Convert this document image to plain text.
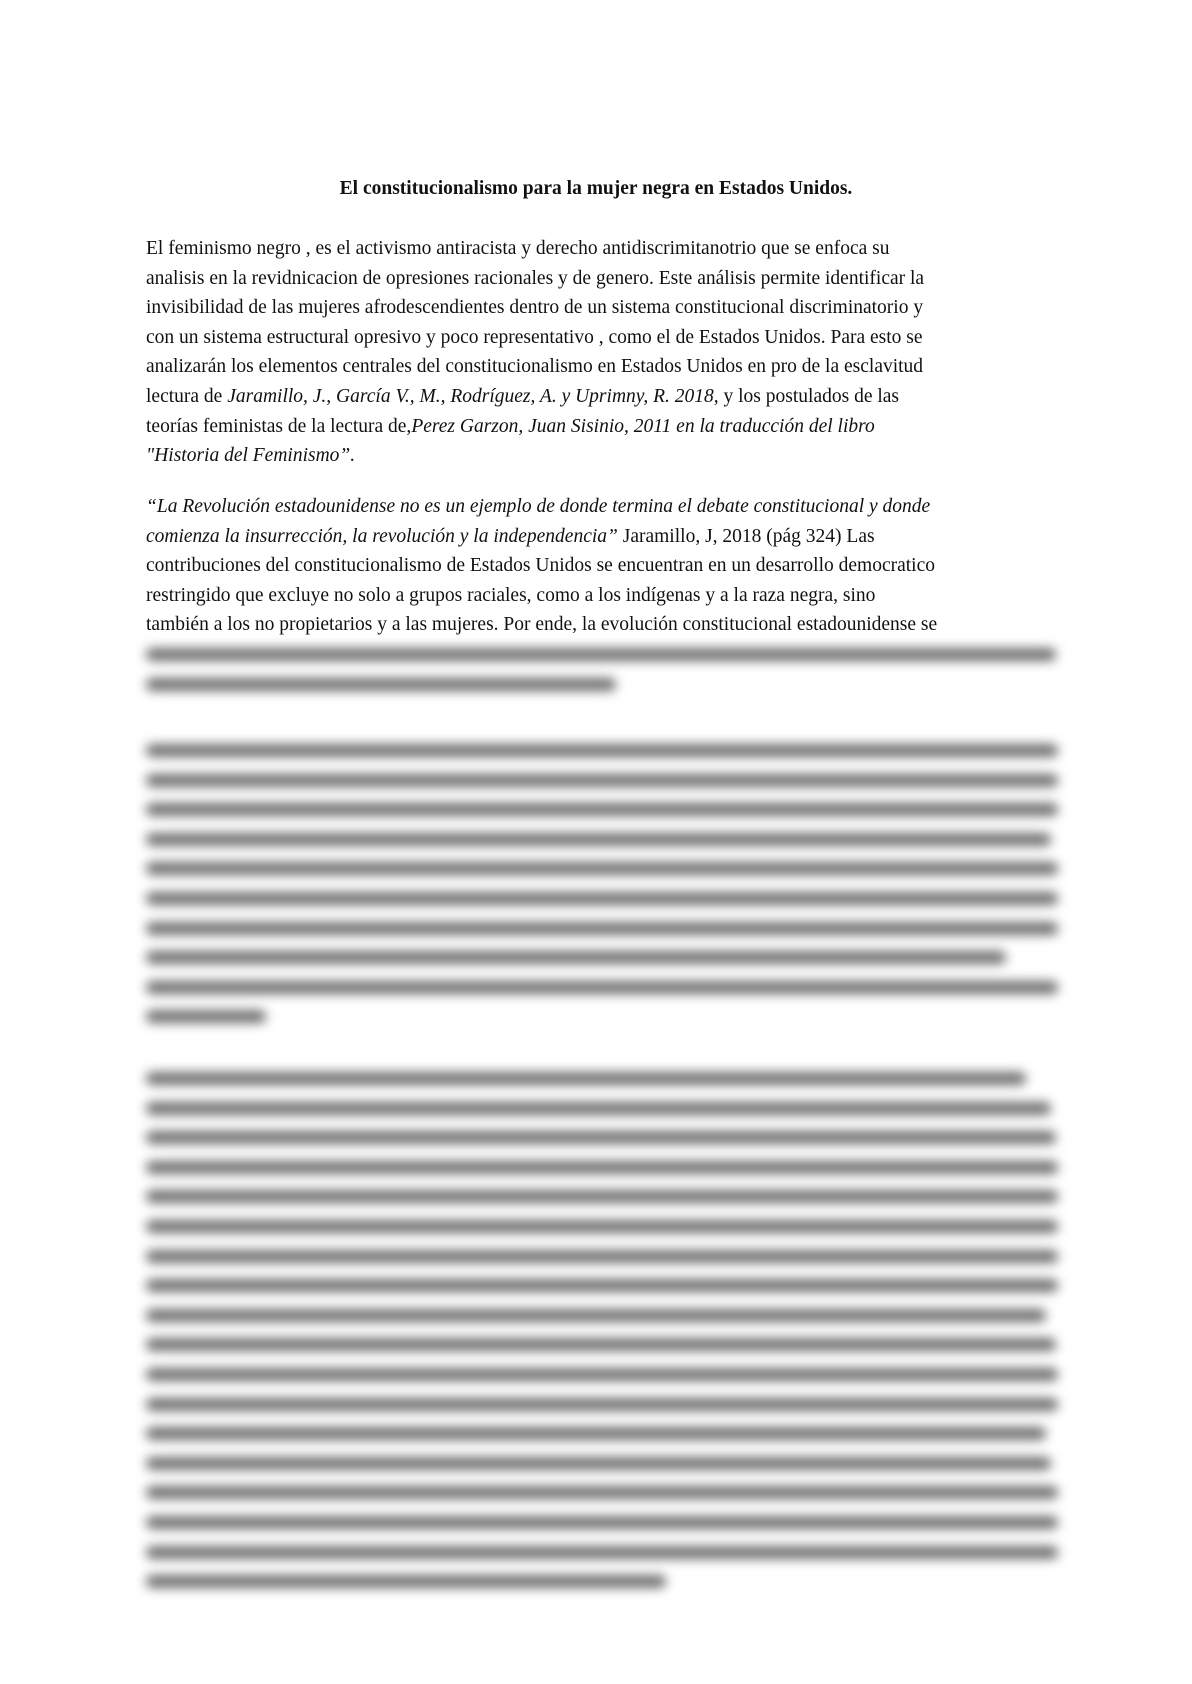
El constitucionalismo para la mujer negra en Estados Unidos.

El feminismo negro , es el activismo antiracista y derecho antidiscrimitanotrio que se enfoca su
analisis en la revidnicacion de opresiones racionales y de genero. Este análisis permite identificar la
invisibilidad de las mujeres afrodescendientes dentro de un sistema constitucional discriminatorio y
con un sistema estructural opresivo y poco representativo , como el de Estados Unidos. Para esto se
analizarán los elementos centrales del constitucionalismo en Estados Unidos en pro de la esclavitud
lectura de Jaramillo, J., García V., M., Rodríguez, A. y Uprimny, R. 2018, y los postulados de las
teorías feministas de la lectura de,Perez Garzon, Juan Sisinio, 2011 en la traducción del libro
"Historia del Feminismo”.

“La Revolución estadounidense no es un ejemplo de donde termina el debate constitucional y donde
comienza la insurrección, la revolución y la independencia” Jaramillo, J, 2018 (pág 324) Las
contribuciones del constitucionalismo de Estados Unidos se encuentran en un desarrollo democratico
restringido que excluye no solo a grupos raciales, como a los indígenas y a la raza negra, sino
también a los no propietarios y a las mujeres. Por ende, la evolución constitucional estadounidense se
